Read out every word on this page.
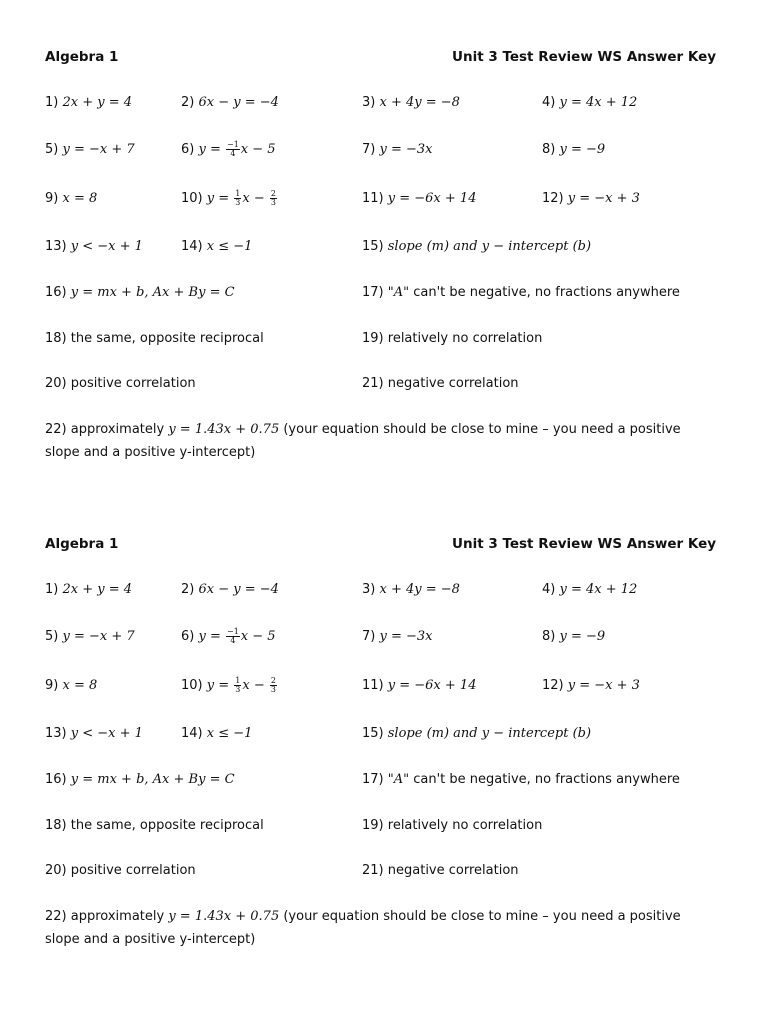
Algebra 1	Unit 3 Test Review WS Answer Key
1) 2x + y = 4	2) 6x − y = −4	3) x + 4y = −8	4) y = 4x + 12
5) y = −x + 7	6) $y = \frac{-1}{4}$ x − 5	7) y = −3x	8) y = −9
9) x = 8	10) $y = \frac{1}{3}$ $x - \frac{2}{3}$	11) y = −6x + 14	12) y = −x + 3
13) y < −x + 1	14) x ≤ −1	15) slope (m) and y − intercept (b)
16) y = mx + b, Ax + By = C	17) "A" can't be negative, no fractions anywhere
18) the same, opposite reciprocal	19) relatively no correlation
20) positive correlation	21) negative correlation
22) approximately y = 1.43x + 0.75 (your equation should be close to mine – you need a positive slope and a positive y-intercept)
Algebra 1	Unit 3 Test Review WS Answer Key
1) 2x + y = 4	2) 6x − y = −4	3) x + 4y = −8	4) y = 4x + 12
5) y = −x + 7	6) $y = \frac{-1}{4}$ x − 5	7) y = −3x	8) y = −9
9) x = 8	10) $y = \frac{1}{3}$ $x - \frac{2}{3}$	11) y = −6x + 14	12) y = −x + 3
13) y < −x + 1	14) x ≤ −1	15) slope (m) and y − intercept (b)
16) y = mx + b, Ax + By = C	17) "A" can't be negative, no fractions anywhere
18) the same, opposite reciprocal	19) relatively no correlation
20) positive correlation	21) negative correlation
22) approximately y = 1.43x + 0.75 (your equation should be close to mine – you need a positive slope and a positive y-intercept)
